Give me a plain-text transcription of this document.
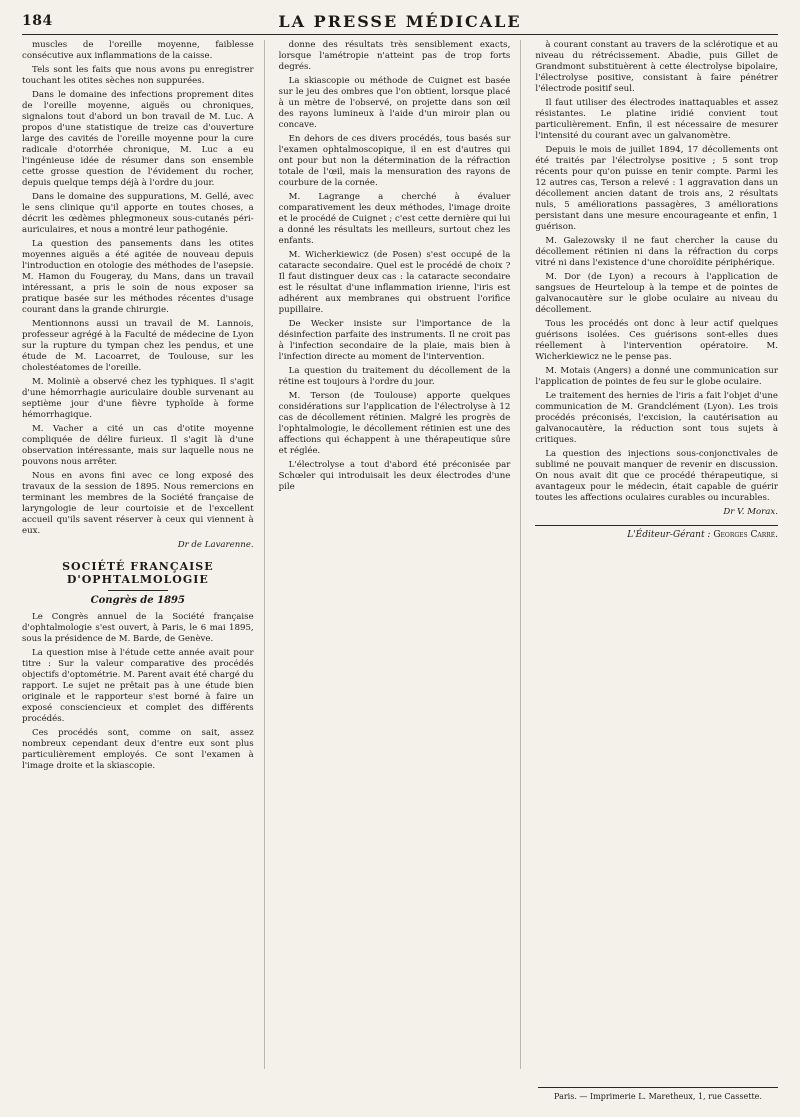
184	LA PRESSE MÉDICALE

muscles de l'oreille moyenne, faiblesse consécutive aux inflammations de la caisse.

Tels sont les faits que nous avons pu enregistrer touchant les otites sèches non suppurées.

Dans le domaine des infections proprement dites de l'oreille moyenne, aiguës ou chroniques, signalons tout d'abord un bon travail de M. Luc. A propos d'une statistique de treize cas d'ouverture large des cavités de l'oreille moyenne pour la cure radicale d'otorrhée chronique, M. Luc a eu l'ingénieuse idée de résumer dans son ensemble cette grosse question de l'évidement du rocher, depuis quelque temps déjà à l'ordre du jour.

Dans le domaine des suppurations, M. Gellé, avec le sens clinique qu'il apporte en toutes choses, a décrit les œdèmes phlegmoneux sous-cutanés péri-auriculaires, et nous a montré leur pathogénie.

La question des pansements dans les otites moyennes aiguës a été agitée de nouveau depuis l'introduction en otologie des méthodes de l'asepsie. M. Hamon du Fougeray, du Mans, dans un travail intéressant, a pris le soin de nous exposer sa pratique basée sur les méthodes récentes d'usage courant dans la grande chirurgie.

Mentionnons aussi un travail de M. Lannois, professeur agrégé à la Faculté de médecine de Lyon sur la rupture du tympan chez les pendus, et une étude de M. Lacoarret, de Toulouse, sur les cholestéatomes de l'oreille.

M. Moliniè a observé chez les typhiques. Il s'agit d'une hémorrhagie auriculaire double survenant au septième jour d'une fièvre typhoïde à forme hémorrhagique.

M. Vacher a cité un cas d'otite moyenne compliquée de délire furieux. Il s'agit là d'une observation intéressante, mais sur laquelle nous ne pouvons nous arrêter.

Nous en avons fini avec ce long exposé des travaux de la session de 1895. Nous remercions en terminant les membres de la Société française de laryngologie de leur courtoisie et de l'excellent accueil qu'ils savent réserver à ceux qui viennent à eux.

Dr de Lavarenne.
SOCIÉTÉ FRANÇAISE D'OPHTALMOLOGIE
Congrès de 1895

Le Congrès annuel de la Société française d'ophtalmologie s'est ouvert, à Paris, le 6 mai 1895, sous la présidence de M. Barde, de Genève.

La question mise à l'étude cette année avait pour titre : Sur la valeur comparative des procédés objectifs d'optométrie. M. Parent avait été chargé du rapport. Le sujet ne prêtait pas à une étude bien originale et le rapporteur s'est borné à faire un exposé consciencieux et complet des différents procédés.

Ces procédés sont, comme on sait, assez nombreux cependant deux d'entre eux sont plus particulièrement employés. Ce sont l'examen à l'image droite et la skiascopie.

donne des résultats très sensiblement exacts, lorsque l'amétropie n'atteint pas de trop forts degrés.

La skiascopie ou méthode de Cuignet est basée sur le jeu des ombres que l'on obtient, lorsque placé à un mètre de l'observé, on projette dans son œil des rayons lumineux à l'aide d'un miroir plan ou concave.

En dehors de ces divers procédés, tous basés sur l'examen ophtalmoscopique, il en est d'autres qui ont pour but non la détermination de la réfraction totale de l'œil, mais la mensuration des rayons de courbure de la cornée.

M. Lagrange a cherché à évaluer comparativement les deux méthodes, l'image droite et le procédé de Cuignet ; c'est cette dernière qui lui a donné les résultats les meilleurs, surtout chez les enfants.

M. Wicherkiewicz (de Posen) s'est occupé de la cataracte secondaire. Quel est le procédé de choix ? Il faut distinguer deux cas : la cataracte secondaire est le résultat d'une inflammation irienne, l'iris est adhérent aux membranes qui obstruent l'orifice pupillaire.

De Wecker insiste sur l'importance de la désinfection parfaite des instruments. Il ne croit pas à l'infection secondaire de la plaie, mais bien à l'infection directe au moment de l'intervention.

La question du traitement du décollement de la rétine est toujours à l'ordre du jour.

M. Terson (de Toulouse) apporte quelques considérations sur l'application de l'électrolyse à 12 cas de décollement rétinien. Malgré les progrès de l'ophtalmologie, le décollement rétinien est une des affections qui échappent à une thérapeutique sûre et réglée.

L'électrolyse a tout d'abord été préconisée par Schœler qui introduisait les deux électrodes d'une pile

à courant constant au travers de la sclérotique et au niveau du rétrécissement. Abadie, puis Gillet de Grandmont substituèrent à cette électrolyse bipolaire, l'électrolyse positive, consistant à faire pénétrer l'électrode positif seul.

Il faut utiliser des électrodes inattaquables et assez résistantes. Le platine iridié convient tout particulièrement. Enfin, il est nécessaire de mesurer l'intensité du courant avec un galvanomètre.

Depuis le mois de juillet 1894, 17 décollements ont été traités par l'électrolyse positive ; 5 sont trop récents pour qu'on puisse en tenir compte. Parmi les 12 autres cas, Terson a relevé : 1 aggravation dans un décollement ancien datant de trois ans, 2 résultats nuls, 5 améliorations passagères, 3 améliorations persistant dans une mesure encourageante et enfin, 1 guérison.

M. Galezowsky il ne faut chercher la cause du décollement rétinien ni dans la réfraction du corps vitré ni dans l'existence d'une choroïdite périphérique.

M. Dor (de Lyon) a recours à l'application de sangsues de Heurteloup à la tempe et de pointes de galvanocautère sur le globe oculaire au niveau du décollement.

Tous les procédés ont donc à leur actif quelques guérisons isolées. Ces guérisons sont-elles dues réellement à l'intervention opératoire. M. Wicherkiewicz ne le pense pas.

M. Motais (Angers) a donné une communication sur l'application de pointes de feu sur le globe oculaire.

Le traitement des hernies de l'iris a fait l'objet d'une communication de M. Grandclément (Lyon). Les trois procédés préconisés, l'excision, la cautérisation au galvanocautère, la réduction sont tous sujets à critiques.

La question des injections sous-conjonctivales de sublimé ne pouvait manquer de revenir en discussion. On nous avait dit que ce procédé thérapeutique, si avantageux pour le médecin, était capable de guérir toutes les affections oculaires curables ou incurables.

Dr V. Morax.
L'Éditeur-Gérant : Georges Carré.
Paris. — Imprimerie L. Maretheux, 1, rue Cassette.
